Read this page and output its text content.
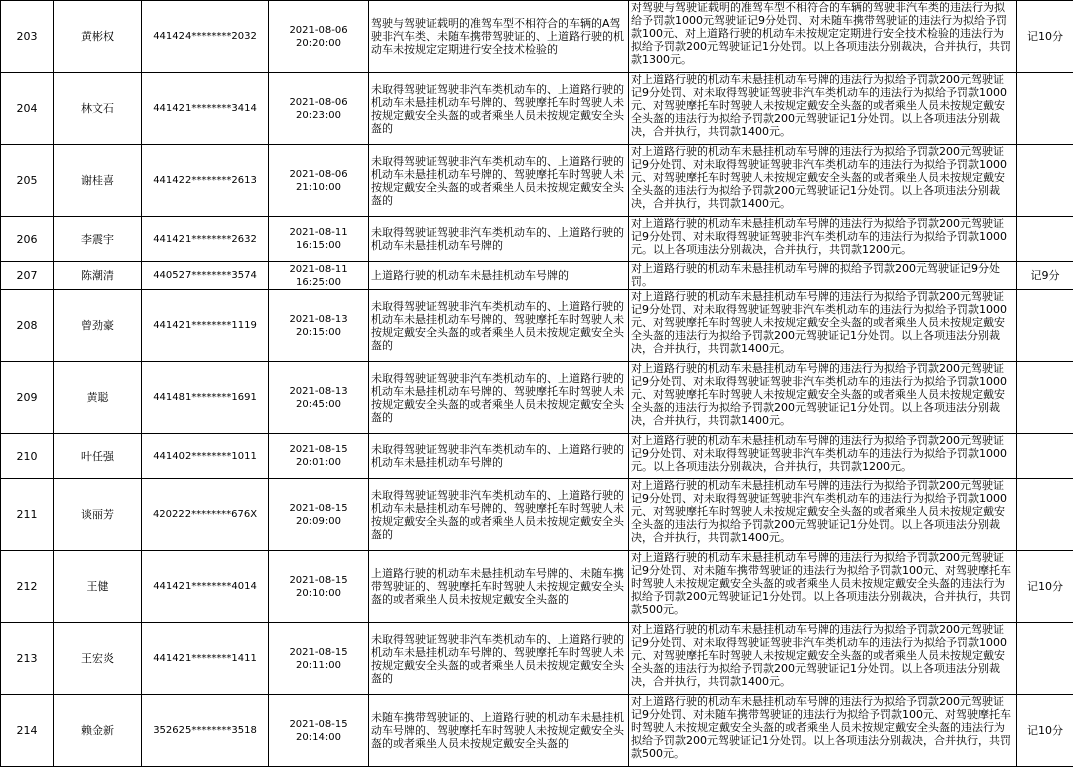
203	黄彬权	441424********2032	2021-08-06 20:20:00	驾驶与驾驶证载明的准驾车型不相符合的车辆的A驾驶非汽车类、未随车携带驾驶证的、上道路行驶的机动车未按规定定期进行安全技术检验的	对驾驶与驾驶证载明的准驾车型不相符合的车辆的驾驶非汽车类的违法行为拟给予罚款1000元驾驶证记9分处罚、对未随车携带驾驶证的违法行为拟给予罚款100元、对上道路行驶的机动车未按规定定期进行安全技术检验的违法行为拟给予罚款200元驾驶证记1分处罚。以上各项违法分别裁决，合并执行，共罚款1300元。	记10分
204	林文石	441421********3414	2021-08-06 20:23:00	未取得驾驶证驾驶非汽车类机动车的、上道路行驶的机动车未悬挂机动车号牌的、驾驶摩托车时驾驶人未按规定戴安全头盔的或者乘坐人员未按规定戴安全头盔的	对上道路行驶的机动车未悬挂机动车号牌的违法行为拟给予罚款200元驾驶证记9分处罚、对未取得驾驶证驾驶非汽车类机动车的违法行为拟给予罚款1000元、对驾驶摩托车时驾驶人未按规定戴安全头盔的或者乘坐人员未按规定戴安全头盔的违法行为拟给予罚款200元驾驶证记1分处罚。以上各项违法分别裁决，合并执行，共罚款1400元。	
205	谢桂喜	441422********2613	2021-08-06 21:10:00	未取得驾驶证驾驶非汽车类机动车的、上道路行驶的机动车未悬挂机动车号牌的、驾驶摩托车时驾驶人未按规定戴安全头盔的或者乘坐人员未按规定戴安全头盔的	对上道路行驶的机动车未悬挂机动车号牌的违法行为拟给予罚款200元驾驶证记9分处罚、对未取得驾驶证驾驶非汽车类机动车的违法行为拟给予罚款1000元、对驾驶摩托车时驾驶人未按规定戴安全头盔的或者乘坐人员未按规定戴安全头盔的违法行为拟给予罚款200元驾驶证记1分处罚。以上各项违法分别裁决，合并执行，共罚款1400元。	
206	李震宇	441421********2632	2021-08-11 16:15:00	未取得驾驶证驾驶非汽车类机动车的、上道路行驶的机动车未悬挂机动车号牌的	对上道路行驶的机动车未悬挂机动车号牌的违法行为拟给予罚款200元驾驶证记9分处罚、对未取得驾驶证驾驶非汽车类机动车的违法行为拟给予罚款1000元。以上各项违法分别裁决，合并执行，共罚款1200元。	
207	陈潮清	440527********3574	2021-08-11 16:25:00	上道路行驶的机动车未悬挂机动车号牌的	对上道路行驶的机动车未悬挂机动车号牌的拟给予罚款200元驾驶证记9分处罚。	记9分
208	曾劲豪	441421********1119	2021-08-13 20:15:00	未取得驾驶证驾驶非汽车类机动车的、上道路行驶的机动车未悬挂机动车号牌的、驾驶摩托车时驾驶人未按规定戴安全头盔的或者乘坐人员未按规定戴安全头盔的	对上道路行驶的机动车未悬挂机动车号牌的违法行为拟给予罚款200元驾驶证记9分处罚、对未取得驾驶证驾驶非汽车类机动车的违法行为拟给予罚款1000元、对驾驶摩托车时驾驶人未按规定戴安全头盔的或者乘坐人员未按规定戴安全头盔的违法行为拟给予罚款200元驾驶证记1分处罚。以上各项违法分别裁决，合并执行，共罚款1400元。	
209	黄聪	441481********1691	2021-08-13 20:45:00	未取得驾驶证驾驶非汽车类机动车的、上道路行驶的机动车未悬挂机动车号牌的、驾驶摩托车时驾驶人未按规定戴安全头盔的或者乘坐人员未按规定戴安全头盔的	对上道路行驶的机动车未悬挂机动车号牌的违法行为拟给予罚款200元驾驶证记9分处罚、对未取得驾驶证驾驶非汽车类机动车的违法行为拟给予罚款1000元、对驾驶摩托车时驾驶人未按规定戴安全头盔的或者乘坐人员未按规定戴安全头盔的违法行为拟给予罚款200元驾驶证记1分处罚。以上各项违法分别裁决，合并执行，共罚款1400元。	
210	叶任强	441402********1011	2021-08-15 20:01:00	未取得驾驶证驾驶非汽车类机动车的、上道路行驶的机动车未悬挂机动车号牌的	对上道路行驶的机动车未悬挂机动车号牌的违法行为拟给予罚款200元驾驶证记9分处罚、对未取得驾驶证驾驶非汽车类机动车的违法行为拟给予罚款1000元。以上各项违法分别裁决，合并执行，共罚款1200元。	
211	谈丽芳	420222********676X	2021-08-15 20:09:00	未取得驾驶证驾驶非汽车类机动车的、上道路行驶的机动车未悬挂机动车号牌的、驾驶摩托车时驾驶人未按规定戴安全头盔的或者乘坐人员未按规定戴安全头盔的	对上道路行驶的机动车未悬挂机动车号牌的违法行为拟给予罚款200元驾驶证记9分处罚、对未取得驾驶证驾驶非汽车类机动车的违法行为拟给予罚款1000元、对驾驶摩托车时驾驶人未按规定戴安全头盔的或者乘坐人员未按规定戴安全头盔的违法行为拟给予罚款200元驾驶证记1分处罚。以上各项违法分别裁决，合并执行，共罚款1400元。	
212	王健	441421********4014	2021-08-15 20:10:00	上道路行驶的机动车未悬挂机动车号牌的、未随车携带驾驶证的、驾驶摩托车时驾驶人未按规定戴安全头盔的或者乘坐人员未按规定戴安全头盔的	对上道路行驶的机动车未悬挂机动车号牌的违法行为拟给予罚款200元驾驶证记9分处罚、对未随车携带驾驶证的违法行为拟给予罚款100元、对驾驶摩托车时驾驶人未按规定戴安全头盔的或者乘坐人员未按规定戴安全头盔的违法行为拟给予罚款200元驾驶证记1分处罚。以上各项违法分别裁决，合并执行，共罚款500元。	记10分
213	王宏炎	441421********1411	2021-08-15 20:11:00	未取得驾驶证驾驶非汽车类机动车的、上道路行驶的机动车未悬挂机动车号牌的、驾驶摩托车时驾驶人未按规定戴安全头盔的或者乘坐人员未按规定戴安全头盔的	对上道路行驶的机动车未悬挂机动车号牌的违法行为拟给予罚款200元驾驶证记9分处罚、对未取得驾驶证驾驶非汽车类机动车的违法行为拟给予罚款1000元、对驾驶摩托车时驾驶人未按规定戴安全头盔的或者乘坐人员未按规定戴安全头盔的违法行为拟给予罚款200元驾驶证记1分处罚。以上各项违法分别裁决，合并执行，共罚款1400元。	
214	赖金新	352625********3518	2021-08-15 20:14:00	未随车携带驾驶证的、上道路行驶的机动车未悬挂机动车号牌的、驾驶摩托车时驾驶人未按规定戴安全头盔的或者乘坐人员未按规定戴安全头盔的	对上道路行驶的机动车未悬挂机动车号牌的违法行为拟给予罚款200元驾驶证记9分处罚、对未随车携带驾驶证的违法行为拟给予罚款100元、对驾驶摩托车时驾驶人未按规定戴安全头盔的或者乘坐人员未按规定戴安全头盔的违法行为拟给予罚款200元驾驶证记1分处罚。以上各项违法分别裁决，合并执行，共罚款500元。	记10分
